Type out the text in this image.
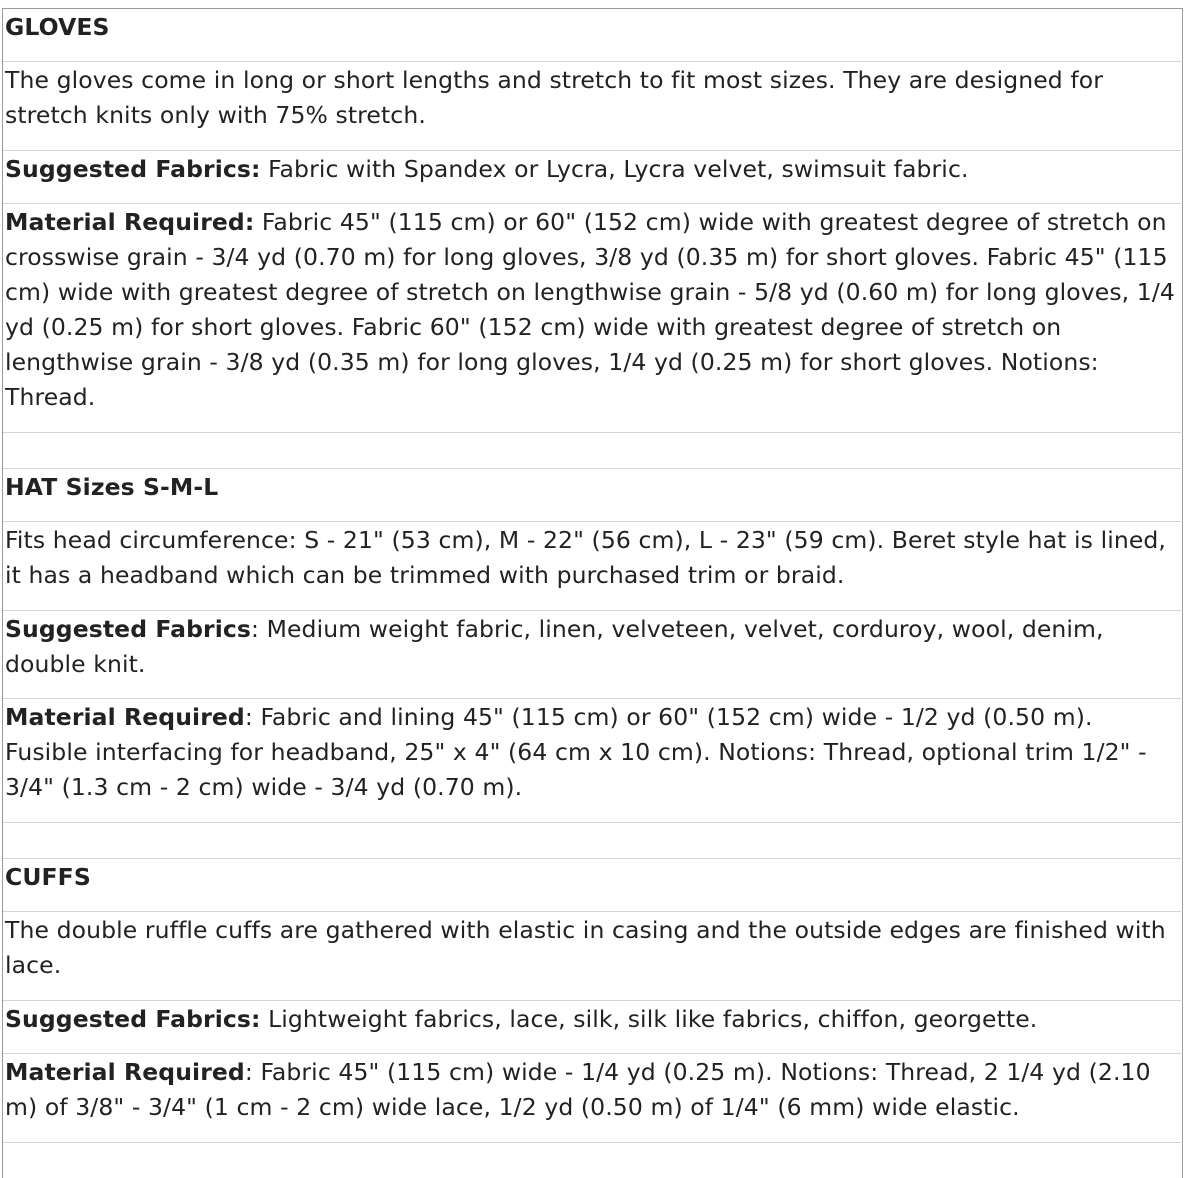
GLOVES
The gloves come in long or short lengths and stretch to fit most sizes. They are designed for stretch knits only with 75% stretch.
Suggested Fabrics: Fabric with Spandex or Lycra, Lycra velvet, swimsuit fabric.
Material Required: Fabric 45" (115 cm) or 60" (152 cm) wide with greatest degree of stretch on crosswise grain - 3/4 yd (0.70 m) for long gloves, 3/8 yd (0.35 m) for short gloves. Fabric 45" (115 cm) wide with greatest degree of stretch on lengthwise grain - 5/8 yd (0.60 m) for long gloves, 1/4 yd (0.25 m) for short gloves. Fabric 60" (152 cm) wide with greatest degree of stretch on lengthwise grain - 3/8 yd (0.35 m) for long gloves, 1/4 yd (0.25 m) for short gloves. Notions: Thread.
HAT Sizes S-M-L
Fits head circumference: S - 21" (53 cm), M - 22" (56 cm), L - 23" (59 cm). Beret style hat is lined, it has a headband which can be trimmed with purchased trim or braid.
Suggested Fabrics: Medium weight fabric, linen, velveteen, velvet, corduroy, wool, denim, double knit.
Material Required: Fabric and lining 45" (115 cm) or 60" (152 cm) wide - 1/2 yd (0.50 m). Fusible interfacing for headband, 25" x 4" (64 cm x 10 cm). Notions: Thread, optional trim 1/2" - 3/4" (1.3 cm - 2 cm) wide - 3/4 yd (0.70 m).
CUFFS
The double ruffle cuffs are gathered with elastic in casing and the outside edges are finished with lace.
Suggested Fabrics: Lightweight fabrics, lace, silk, silk like fabrics, chiffon, georgette.
Material Required: Fabric 45" (115 cm) wide - 1/4 yd (0.25 m). Notions: Thread, 2 1/4 yd (2.10 m) of 3/8" - 3/4" (1 cm - 2 cm) wide lace, 1/2 yd (0.50 m) of 1/4" (6 mm) wide elastic.
